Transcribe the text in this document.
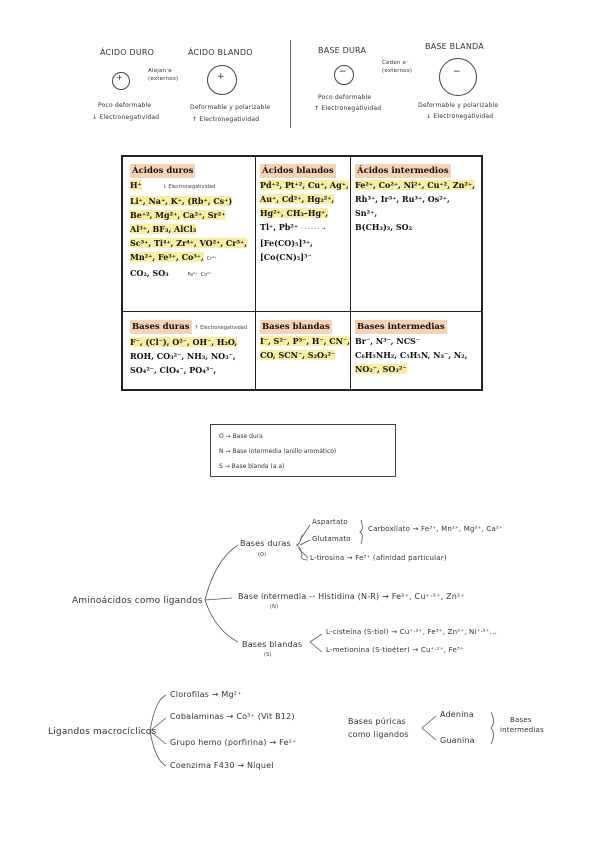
ÁCIDO DURO	ÁCIDO BLANDO	BASE DURA	BASE BLANDA
+	+	−	−
Alejan e
(externos)
Ceden e⁻
(externos)
Poco deformable
↓ Electronegatividad
Deformable y polarizable
↑ Electronegatividad
Poco deformable
↑ Electronegatividad	Deformable y polarizable
↓ Electronegatividad
Ácidos duros
H⁺	↓ Electronegatividad
Li⁺, Na⁺, K⁺, (Rb⁺, Cs⁺)
Be⁺², Mg²⁺, Ca²⁺, Sr²⁺
Al³⁺, BF₃, AlCl₃
Sc³⁺, Ti⁴⁺, Zr⁴⁺, VO²⁺, Cr³⁺,
Mn²⁺, Fe³⁺, Co³⁺, Cr²⁺
CO₂, SO₃	Fe²⁺ Co²⁺
Ácidos blandos
Pd⁺², Pt⁺², Cu⁺, Ag⁺,
Au⁺, Cd²⁺, Hg₂²⁺,
Hg²⁺, CH₃–Hg⁺,
Tl⁺, Pb²⁺ - - - - - - →
[Fe(CO)₅]³⁺,
[Co(CN)₅]³⁻
Ácidos intermedios
Fe²⁺, Co²⁺, Ni²⁺, Cu⁺², Zn²⁺,
Rh³⁺, Ir³⁺, Ru³⁺, Os²⁺,
Sn²⁺,
B(CH₃)₃, SO₂
Bases duras ↑ Electronegatividad
F⁻, (Cl⁻), O²⁻, OH⁻, H₂O,
ROH, CO₃²⁻, NH₃, NO₃⁻,
SO₄²⁻, ClO₄⁻, PO₄³⁻,
Bases blandas
I⁻, S²⁻, P³⁻, H⁻, CN⁻,
CO, SCN⁻, S₂O₃²⁻
Bases intermedias
Br⁻, N³⁻, NCS⁻
C₆H₅NH₂, C₅H₅N, N₃⁻, N₂,
NO₂⁻, SO₃²⁻
O → Base dura
N → Base intermedia (anillo aromático)
S → Base blanda (a.a)
Aminoácidos como ligandos
Bases duras
(O)
Aspartato
Glutamato
Carboxilato → Fe³⁺, Mn²⁺, Mg²⁺, Ca²⁺
L-tirosina → Fe³⁺ (afinidad particular)
Base intermedia -- Histidina (N-R) → Fe²⁺, Cu⁺·²⁺, Zn²⁺
(N)
Bases blandas
(S)
L-cisteína (S-tiol) → Cu⁺·²⁺, Fe³⁺, Zn²⁺, Ni⁺·²⁺...
L-metionina (S-tioéter) → Cu⁺·²⁺, Fe³⁺
Ligandos macrocíclicos
Clorofilas → Mg²⁺
Cobalaminas → Co³⁺ (Vit B12)
Grupo hemo (porfirina) → Fe²⁺
Coenzima F430 → Níquel
Bases púricas
como ligandos
Adenina
Guanina
Bases
intermedias
